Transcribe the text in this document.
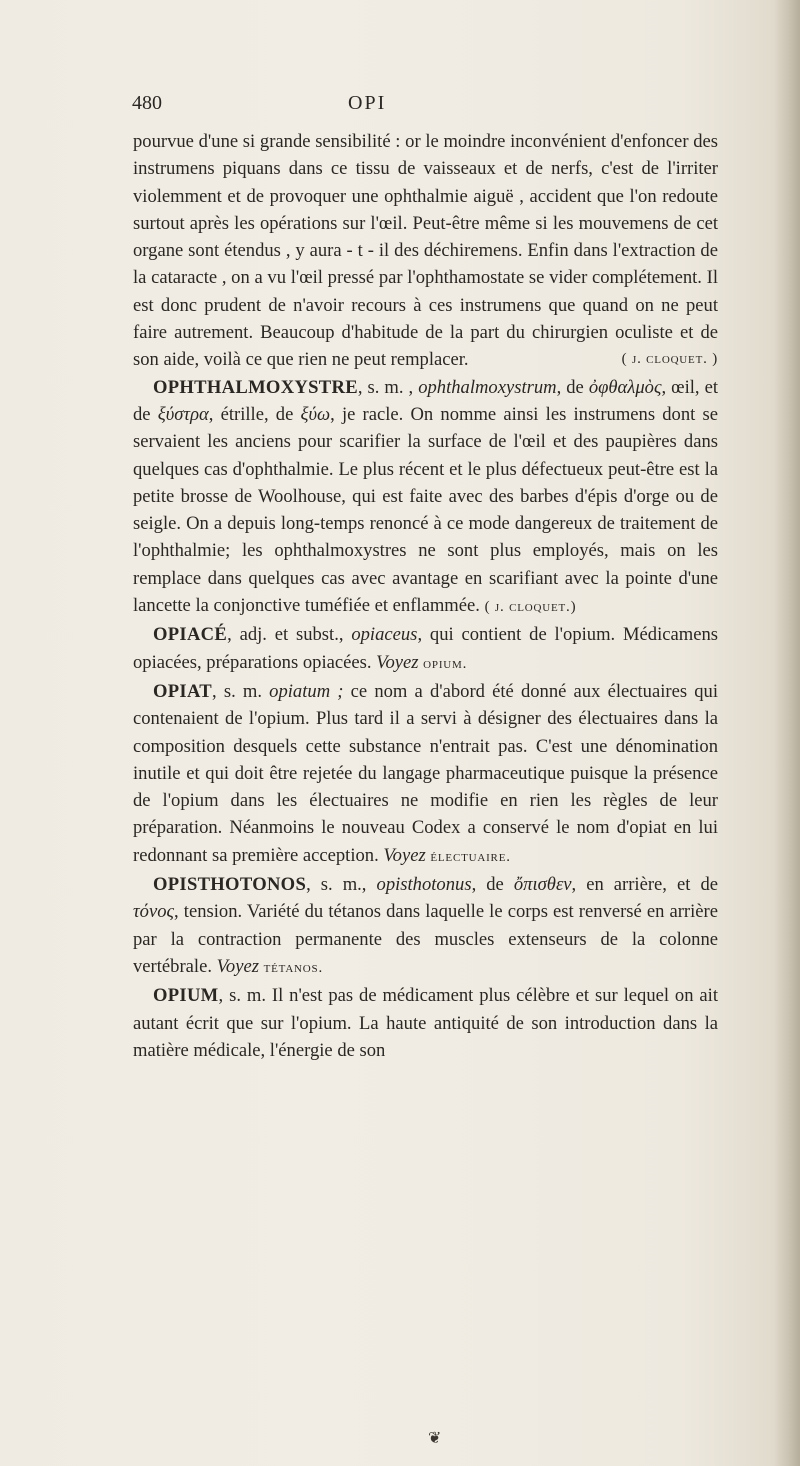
480	OPI

pourvue d'une si grande sensibilité : or le moindre inconvénient d'enfoncer des instrumens piquans dans ce tissu de vaisseaux et de nerfs, c'est de l'irriter violemment et de provoquer une ophthalmie aiguë , accident que l'on redoute surtout après les opérations sur l'œil. Peut-être même si les mouvemens de cet organe sont étendus , y aura - t - il des déchiremens. Enfin dans l'extraction de la cataracte , on a vu l'œil pressé par l'ophthamostate se vider complétement. Il est donc prudent de n'avoir recours à ces instrumens que quand on ne peut faire autrement. Beaucoup d'habitude de la part du chirurgien oculiste et de son aide, voilà ce que rien ne peut remplacer.	( j. cloquet. )

OPHTHALMOXYSTRE, s. m. , ophthalmoxystrum, de ὀφθαλμὸς, œil, et de ξύστρα, étrille, de ξύω, je racle. On nomme ainsi les instrumens dont se servaient les anciens pour scarifier la surface de l'œil et des paupières dans quelques cas d'ophthalmie. Le plus récent et le plus défectueux peut-être est la petite brosse de Woolhouse, qui est faite avec des barbes d'épis d'orge ou de seigle. On a depuis long-temps renoncé à ce mode dangereux de traitement de l'ophthalmie; les ophthalmoxystres ne sont plus employés, mais on les remplace dans quelques cas avec avantage en scarifiant avec la pointe d'une lancette la conjonctive tuméfiée et enflammée. ( j. cloquet.)

OPIACÉ, adj. et subst., opiaceus, qui contient de l'opium. Médicamens opiacées, préparations opiacées. Voyez opium.

OPIAT, s. m. opiatum ; ce nom a d'abord été donné aux électuaires qui contenaient de l'opium. Plus tard il a servi à désigner des électuaires dans la composition desquels cette substance n'entrait pas. C'est une dénomination inutile et qui doit être rejetée du langage pharmaceutique puisque la présence de l'opium dans les électuaires ne modifie en rien les règles de leur préparation. Néanmoins le nouveau Codex a conservé le nom d'opiat en lui redonnant sa première acception. Voyez électuaire.

OPISTHOTONOS, s. m., opisthotonus, de ὄπισθεν, en arrière, et de τόνος, tension. Variété du tétanos dans laquelle le corps est renversé en arrière par la contraction permanente des muscles extenseurs de la colonne vertébrale. Voyez tétanos.

OPIUM, s. m. Il n'est pas de médicament plus célèbre et sur lequel on ait autant écrit que sur l'opium. La haute antiquité de son introduction dans la matière médicale, l'énergie de son

❦
